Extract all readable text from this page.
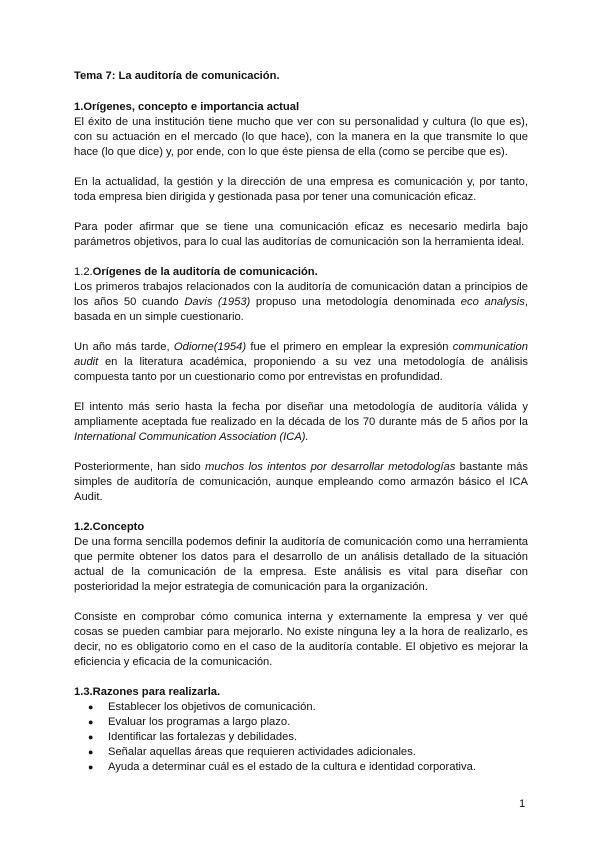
Tema 7: La auditoría de comunicación.

1.Orígenes, concepto e importancia actual

El éxito de una institución tiene mucho que ver con su personalidad y cultura (lo que es), con su actuación en el mercado (lo que hace), con la manera en la que transmite lo que hace (lo que dice) y, por ende, con lo que éste piensa de ella (como se percibe que es).

En la actualidad, la gestión y la dirección de una empresa es comunicación y, por tanto, toda empresa bien dirigida y gestionada pasa por tener una comunicación eficaz.

Para poder afirmar que se tiene una comunicación eficaz es necesario medirla bajo parámetros objetivos, para lo cual las auditorías de comunicación son la herramienta ideal.

1.2.Orígenes de la auditoría de comunicación.

Los primeros trabajos relacionados con la auditoría de comunicación datan a principios de los años 50 cuando Davis (1953) propuso una metodología denominada eco analysis, basada en un simple cuestionario.

Un año más tarde, Odiorne(1954) fue el primero en emplear la expresión communication audit en la literatura académica, proponiendo a su vez una metodología de análisis compuesta tanto por un cuestionario como por entrevistas en profundidad.

El intento más serio hasta la fecha por diseñar una metodología de auditoría válida y ampliamente aceptada fue realizado en la década de los 70 durante más de 5 años por la International Communication Association (ICA).

Posteriormente, han sido muchos los intentos por desarrollar metodologías bastante más simples de auditoría de comunicación, aunque empleando como armazón básico el ICA Audit.

1.2.Concepto

De una forma sencilla podemos definir la auditoría de comunicación como una herramienta que permite obtener los datos para el desarrollo de un análisis detallado de la situación actual de la comunicación de la empresa. Este análisis es vital para diseñar con posterioridad la mejor estrategia de comunicación para la organización.

Consiste en comprobar cómo comunica interna y externamente la empresa y ver qué cosas se pueden cambiar para mejorarlo. No existe ninguna ley a la hora de realizarlo, es decir, no es obligatorio como en el caso de la auditoría contable. El objetivo es mejorar la eficiencia y eficacia de la comunicación.

1.3.Razones para realizarla.

● Establecer los objetivos de comunicación.
● Evaluar los programas a largo plazo.
● Identificar las fortalezas y debilidades.
● Señalar aquellas áreas que requieren actividades adicionales.
● Ayuda a determinar cuál es el estado de la cultura e identidad corporativa.
1
